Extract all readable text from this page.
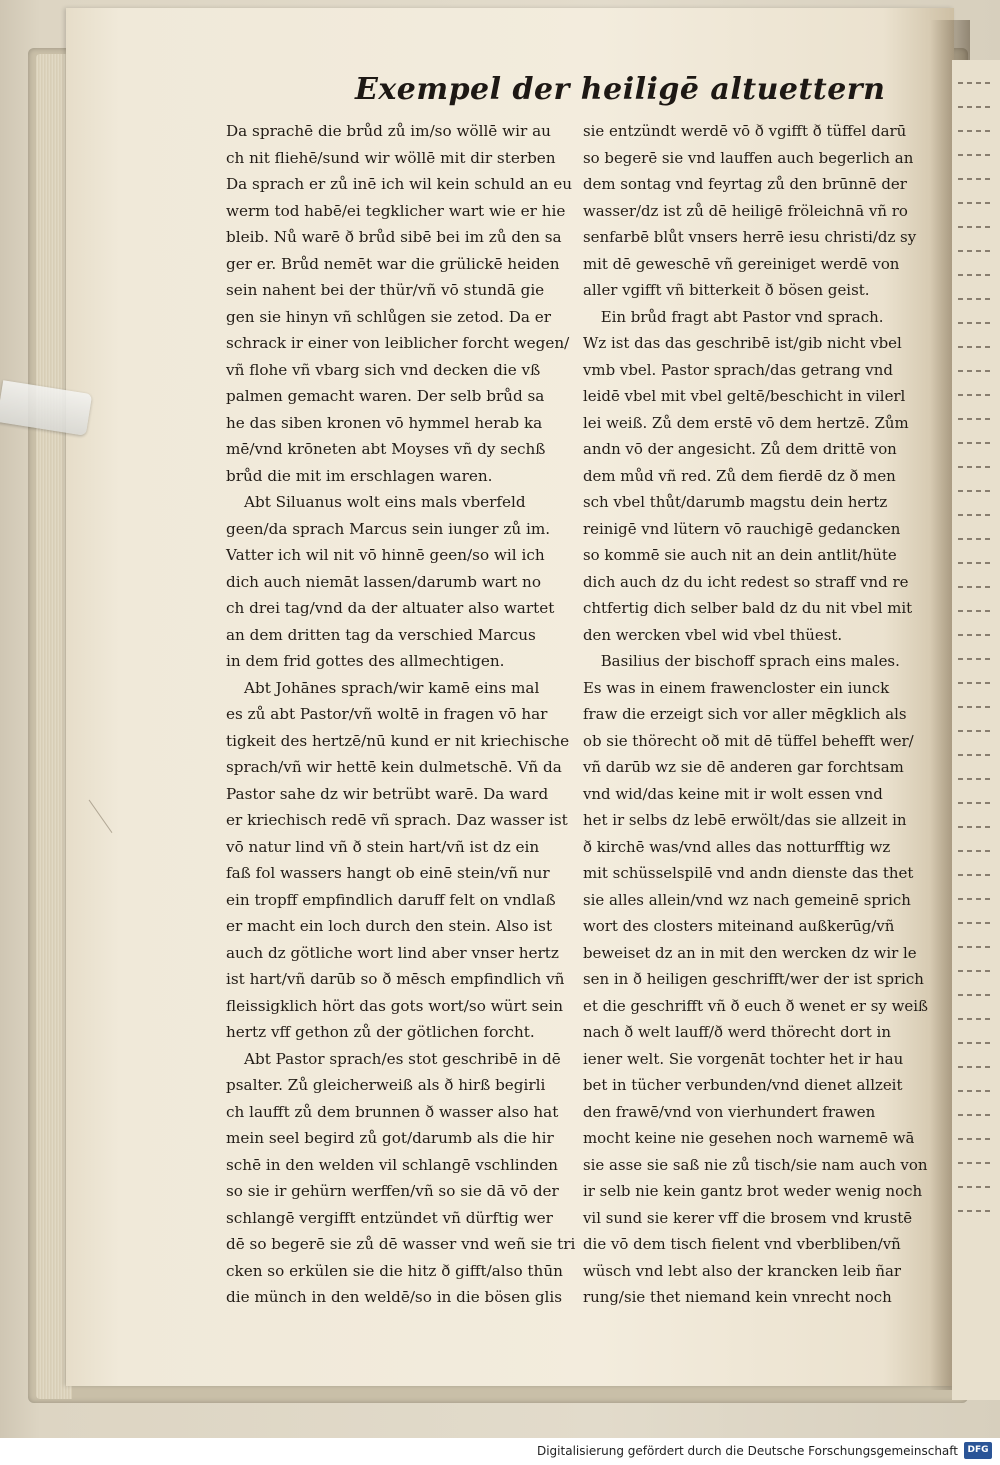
Exempel der heiligē altuettern
Da sprachē die brůd zů im/so wöllē wir au
ch nit fliehē/sund wir wöllē mit dir sterben
Da sprach er zů inē ich wil kein schuld an eu
werm tod habē/ei tegklicher wart wie er hie
bleib. Nů warē ð brůd sibē bei im zů den sa
ger er. Brůd nemēt war die grülickē heiden
sein nahent bei der thür/vñ vō stundā gie
gen sie hinyn vñ schlůgen sie zetod. Da er
schrack ir einer von leiblicher forcht wegen/
vñ flohe vñ vbarg sich vnd decken die vß
palmen gemacht waren. Der selb brůd sa
he das siben kronen vō hymmel herab ka
mē/vnd krōneten abt Moyses vñ dy sechß
brůd die mit im erschlagen waren.
Abt Siluanus wolt eins mals vberfeld
geen/da sprach Marcus sein iunger zů im.
Vatter ich wil nit vō hinnē geen/so wil ich
dich auch niemāt lassen/darumb wart no
ch drei tag/vnd da der altuater also wartet
an dem dritten tag da verschied Marcus
in dem frid gottes des allmechtigen.
Abt Johānes sprach/wir kamē eins mal
es zů abt Pastor/vñ woltē in fragen vō har
tigkeit des hertzē/nū kund er nit kriechische
sprach/vñ wir hettē kein dulmetschē. Vñ da
Pastor sahe dz wir betrübt warē. Da ward
er kriechisch redē vñ sprach. Daz wasser ist
vō natur lind vñ ð stein hart/vñ ist dz ein
faß fol wassers hangt ob einē stein/vñ nur
ein tropff empfindlich daruff felt on vndlaß
er macht ein loch durch den stein. Also ist
auch dz götliche wort lind aber vnser hertz
ist hart/vñ darūb so ð mēsch empfindlich vñ
fleissigklich hört das gots wort/so würt sein
hertz vff gethon zů der götlichen forcht.
Abt Pastor sprach/es stot geschribē in dē
psalter. Zů gleicherweiß als ð hirß begirli
ch laufft zů dem brunnen ð wasser also hat
mein seel begird zů got/darumb als die hir
schē in den welden vil schlangē vschlinden
so sie ir gehürn werffen/vñ so sie dā vō der
schlangē vergifft entzündet vñ dürftig wer
dē so begerē sie zů dē wasser vnd weñ sie tri
cken so erkülen sie die hitz ð gifft/also thūn
die münch in den weldē/so in die bösen glis
sie entzündt werdē vō ð vgifft ð tüffel darū
so begerē sie vnd lauffen auch begerlich an
dem sontag vnd feyrtag zů den brūnnē der
wasser/dz ist zů dē heiligē fröleichnā vñ ro
senfarbē blůt vnsers herrē iesu christi/dz sy
mit dē geweschē vñ gereiniget werdē von
aller vgifft vñ bitterkeit ð bösen geist.
Ein brůd fragt abt Pastor vnd sprach.
Wz ist das das geschribē ist/gib nicht vbel
vmb vbel. Pastor sprach/das getrang vnd
leidē vbel mit vbel geltē/beschicht in vilerl
lei weiß. Zů dem erstē vō dem hertzē. Zům
andn vō der angesicht. Zů dem drittē von
dem můd vñ red. Zů dem fierdē dz ð men
sch vbel thůt/darumb magstu dein hertz
reinigē vnd lütern vō rauchigē gedancken
so kommē sie auch nit an dein antlit/hüte
dich auch dz du icht redest so straff vnd re
chtfertig dich selber bald dz du nit vbel mit
den wercken vbel wid vbel thüest.
Basilius der bischoff sprach eins males.
Es was in einem frawencloster ein iunck
fraw die erzeigt sich vor aller mēgklich als
ob sie thörecht oð mit dē tüffel behefft wer/
vñ darūb wz sie dē anderen gar forchtsam
vnd wid/das keine mit ir wolt essen vnd
het ir selbs dz lebē erwölt/das sie allzeit in
ð kirchē was/vnd alles das notturfftig wz
mit schüsselspilē vnd andn dienste das thet
sie alles allein/vnd wz nach gemeinē sprich
wort des closters miteinand außkerūg/vñ
beweiset dz an in mit den wercken dz wir le
sen in ð heiligen geschrifft/wer der ist sprich
et die geschrifft vñ ð euch ð wenet er sy weiß
nach ð welt lauff/ð werd thörecht dort in
iener welt. Sie vorgenāt tochter het ir hau
bet in tücher verbunden/vnd dienet allzeit
den frawē/vnd von vierhundert frawen
mocht keine nie gesehen noch warnemē wā
sie asse sie saß nie zů tisch/sie nam auch von
ir selb nie kein gantz brot weder wenig noch
vil sund sie kerer vff die brosem vnd krustē
die vō dem tisch fielent vnd vberbliben/vñ
wüsch vnd lebt also der krancken leib ñar
rung/sie thet niemand kein vnrecht noch
Digitalisierung gefördert durch die Deutsche Forschungsgemeinschaft	DFG
